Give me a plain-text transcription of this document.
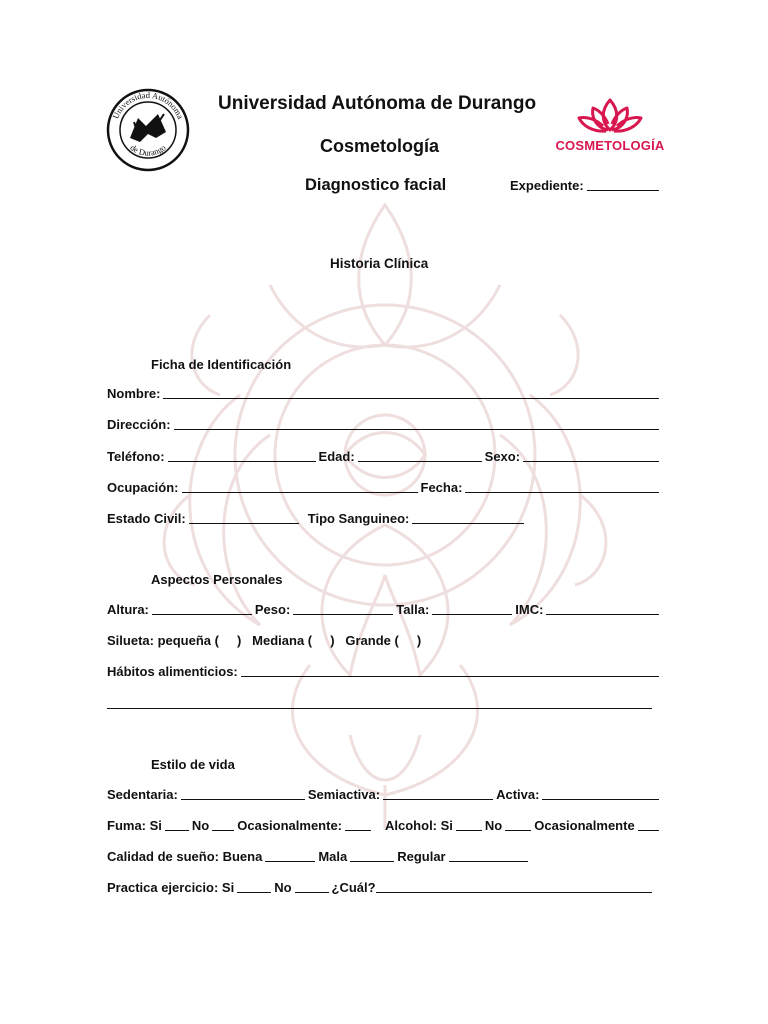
Universidad Autónoma
de Durango
Universidad Autónoma de Durango
Cosmetología	COSMETOLOGÍA
Diagnostico facial	Expediente:
Historia Clínica
Ficha de Identificación
Nombre:
Dirección:
Teléfono:	Edad:	Sexo:
Ocupación:	Fecha:
Estado Civil:	Tipo Sanguineo:
Aspectos Personales
Altura:	Peso:	Talla:	IMC:
Silueta: pequeña (     )   Mediana (     )   Grande (     )
Hábitos alimenticios:
Estilo de vida
Sedentaria:	Semiactiva:	Activa:
Fuma: Si No Ocasionalmente:	Alcohol: Si No Ocasionalmente
Calidad de sueño: Buena	Mala	Regular
Practica ejercicio: Si	No	¿Cuál?
